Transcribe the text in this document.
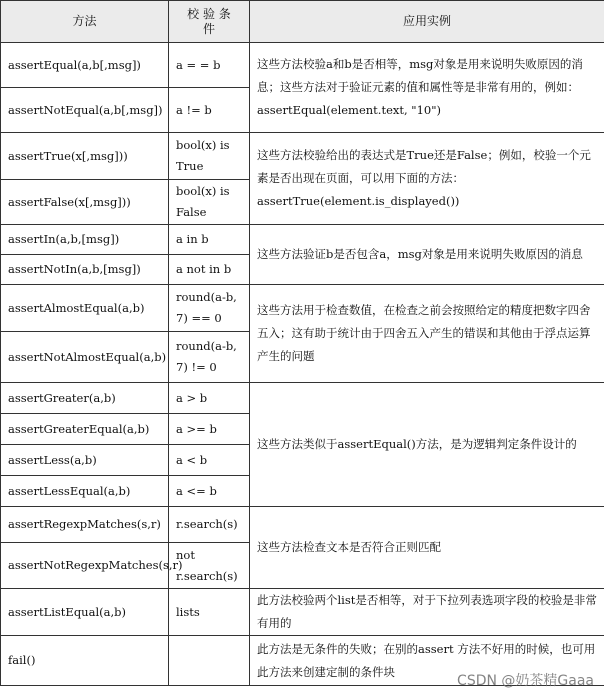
方法	校 验 条 件	应用实例
assertEqual(a,b[,msg])	a = = b	这些方法校验a和b是否相等，msg对象是用来说明失败原因的消息；这些方法对于验证元素的值和属性等是非常有用的，例如：
assertEqual(element.text, "10")
assertNotEqual(a,b[,msg])	a != b	
assertTrue(x[,msg]))	bool(x) is True	这些方法校验给出的表达式是True还是False；例如，校验一个元素是否出现在页面，可以用下面的方法：
assertTrue(element.is_displayed())
assertFalse(x[,msg]))	bool(x) is False	
assertIn(a,b,[msg])	a in b	这些方法验证b是否包含a，msg对象是用来说明失败原因的消息
assertNotIn(a,b,[msg])	a not in b	
assertAlmostEqual(a,b)	round(a-b, 7) == 0	这些方法用于检查数值，在检查之前会按照给定的精度把数字四舍五入；这有助于统计由于四舍五入产生的错误和其他由于浮点运算产生的问题
assertNotAlmostEqual(a,b)	round(a-b, 7) != 0	
assertGreater(a,b)	a > b	这些方法类似于assertEqual()方法，是为逻辑判定条件设计的
assertGreaterEqual(a,b)	a >= b	
assertLess(a,b)	a < b	
assertLessEqual(a,b)	a <= b	
assertRegexpMatches(s,r)	r.search(s)	这些方法检查文本是否符合正则匹配
assertNotRegexpMatches(s,r)	not r.search(s)	
assertListEqual(a,b)	lists	此方法校验两个list是否相等，对于下拉列表选项字段的校验是非常有用的
fail()		此方法是无条件的失败；在别的assert 方法不好用的时候，也可用此方法来创建定制的条件块
CSDN @奶茶精Gaaa
